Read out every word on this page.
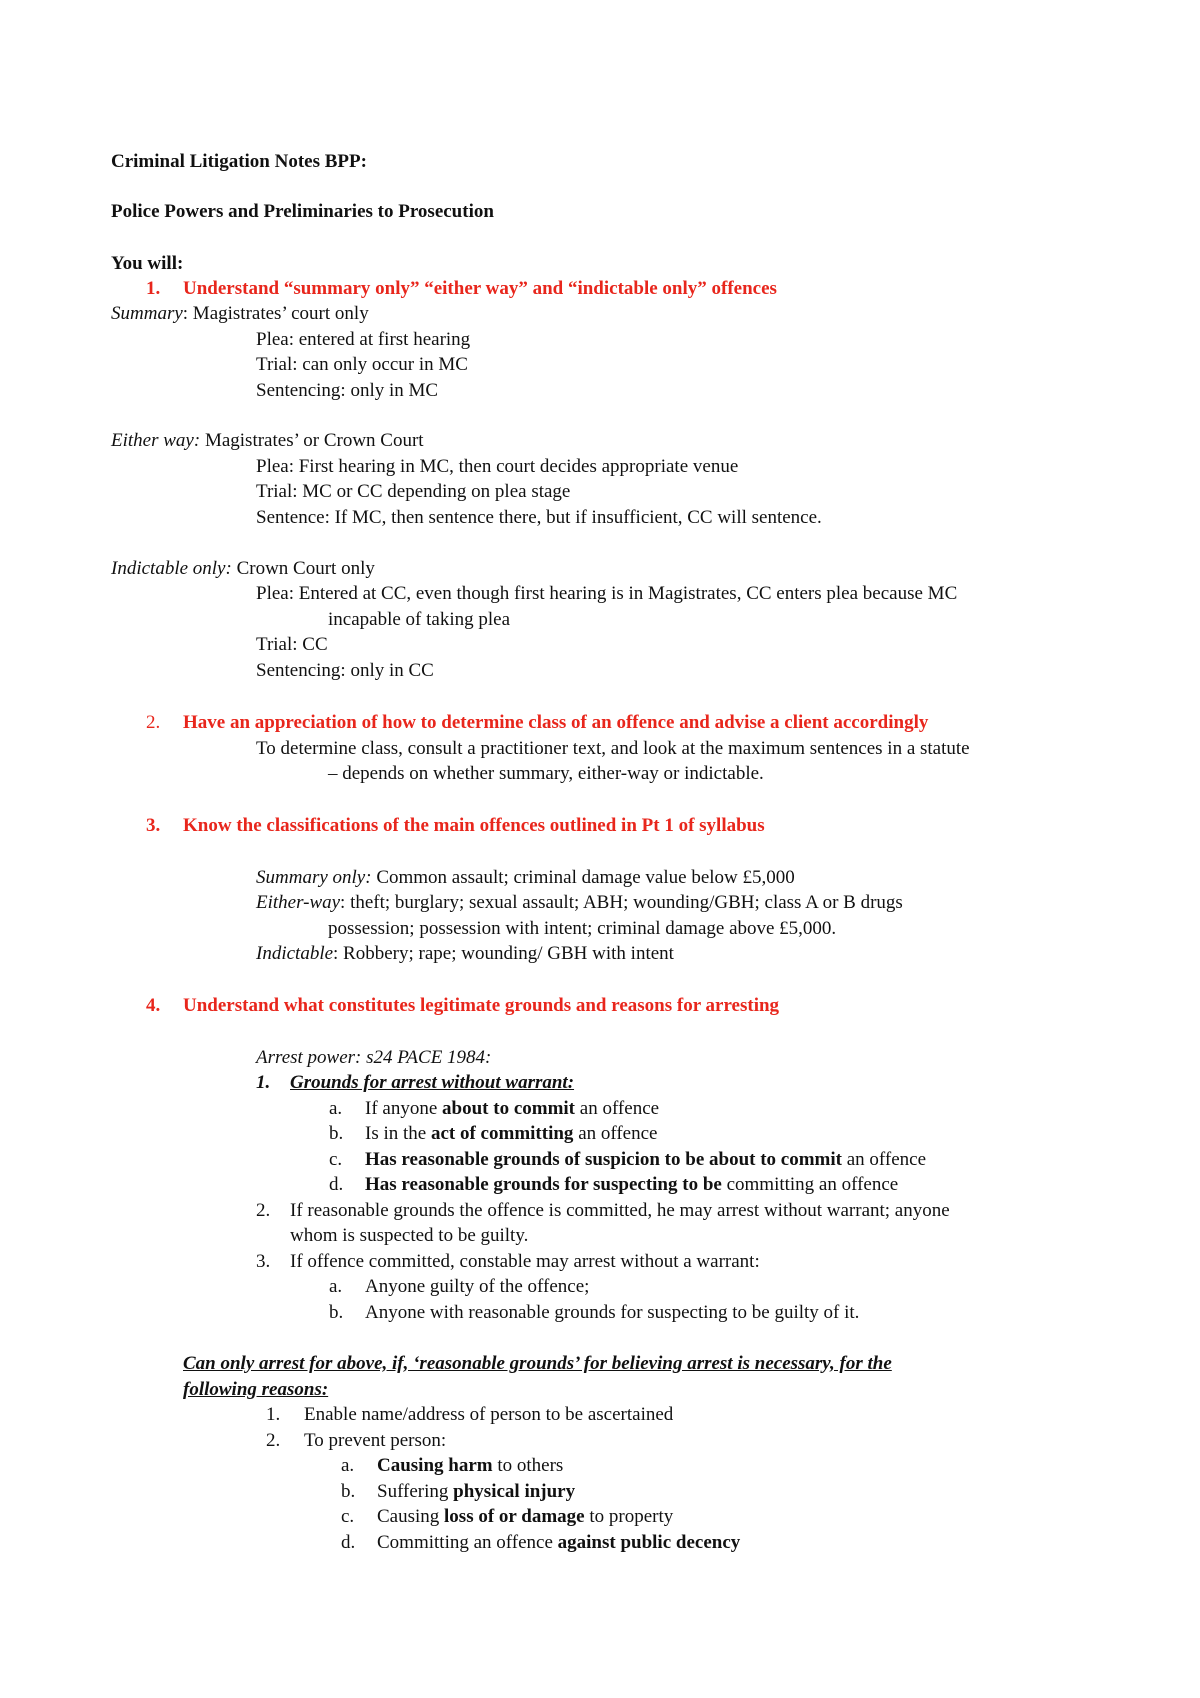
Criminal Litigation Notes BPP:
Police Powers and Preliminaries to Prosecution
You will:
1. Understand “summary only” “either way” and “indictable only” offences
Summary: Magistrates’ court only
Plea: entered at first hearing
Trial: can only occur in MC
Sentencing: only in MC
Either way: Magistrates’ or Crown Court
Plea: First hearing in MC, then court decides appropriate venue
Trial: MC or CC depending on plea stage
Sentence: If MC, then sentence there, but if insufficient, CC will sentence.
Indictable only: Crown Court only
Plea: Entered at CC, even though first hearing is in Magistrates, CC enters plea because MC
incapable of taking plea
Trial: CC
Sentencing: only in CC
2. Have an appreciation of how to determine class of an offence and advise a client accordingly
To determine class, consult a practitioner text, and look at the maximum sentences in a statute
– depends on whether summary, either-way or indictable.
3. Know the classifications of the main offences outlined in Pt 1 of syllabus
Summary only: Common assault; criminal damage value below £5,000
Either-way: theft; burglary; sexual assault; ABH; wounding/GBH; class A or B drugs
possession; possession with intent; criminal damage above £5,000.
Indictable: Robbery; rape; wounding/ GBH with intent
4. Understand what constitutes legitimate grounds and reasons for arresting
Arrest power: s24 PACE 1984:
1. Grounds for arrest without warrant:
a. If anyone about to commit an offence
b. Is in the act of committing an offence
c. Has reasonable grounds of suspicion to be about to commit an offence
d. Has reasonable grounds for suspecting to be committing an offence
2. If reasonable grounds the offence is committed, he may arrest without warrant; anyone
whom is suspected to be guilty.
3. If offence committed, constable may arrest without a warrant:
a. Anyone guilty of the offence;
b. Anyone with reasonable grounds for suspecting to be guilty of it.
Can only arrest for above, if, ‘reasonable grounds’ for believing arrest is necessary, for the
following reasons:
1. Enable name/address of person to be ascertained
2. To prevent person:
a. Causing harm to others
b. Suffering physical injury
c. Causing loss of or damage to property
d. Committing an offence against public decency
